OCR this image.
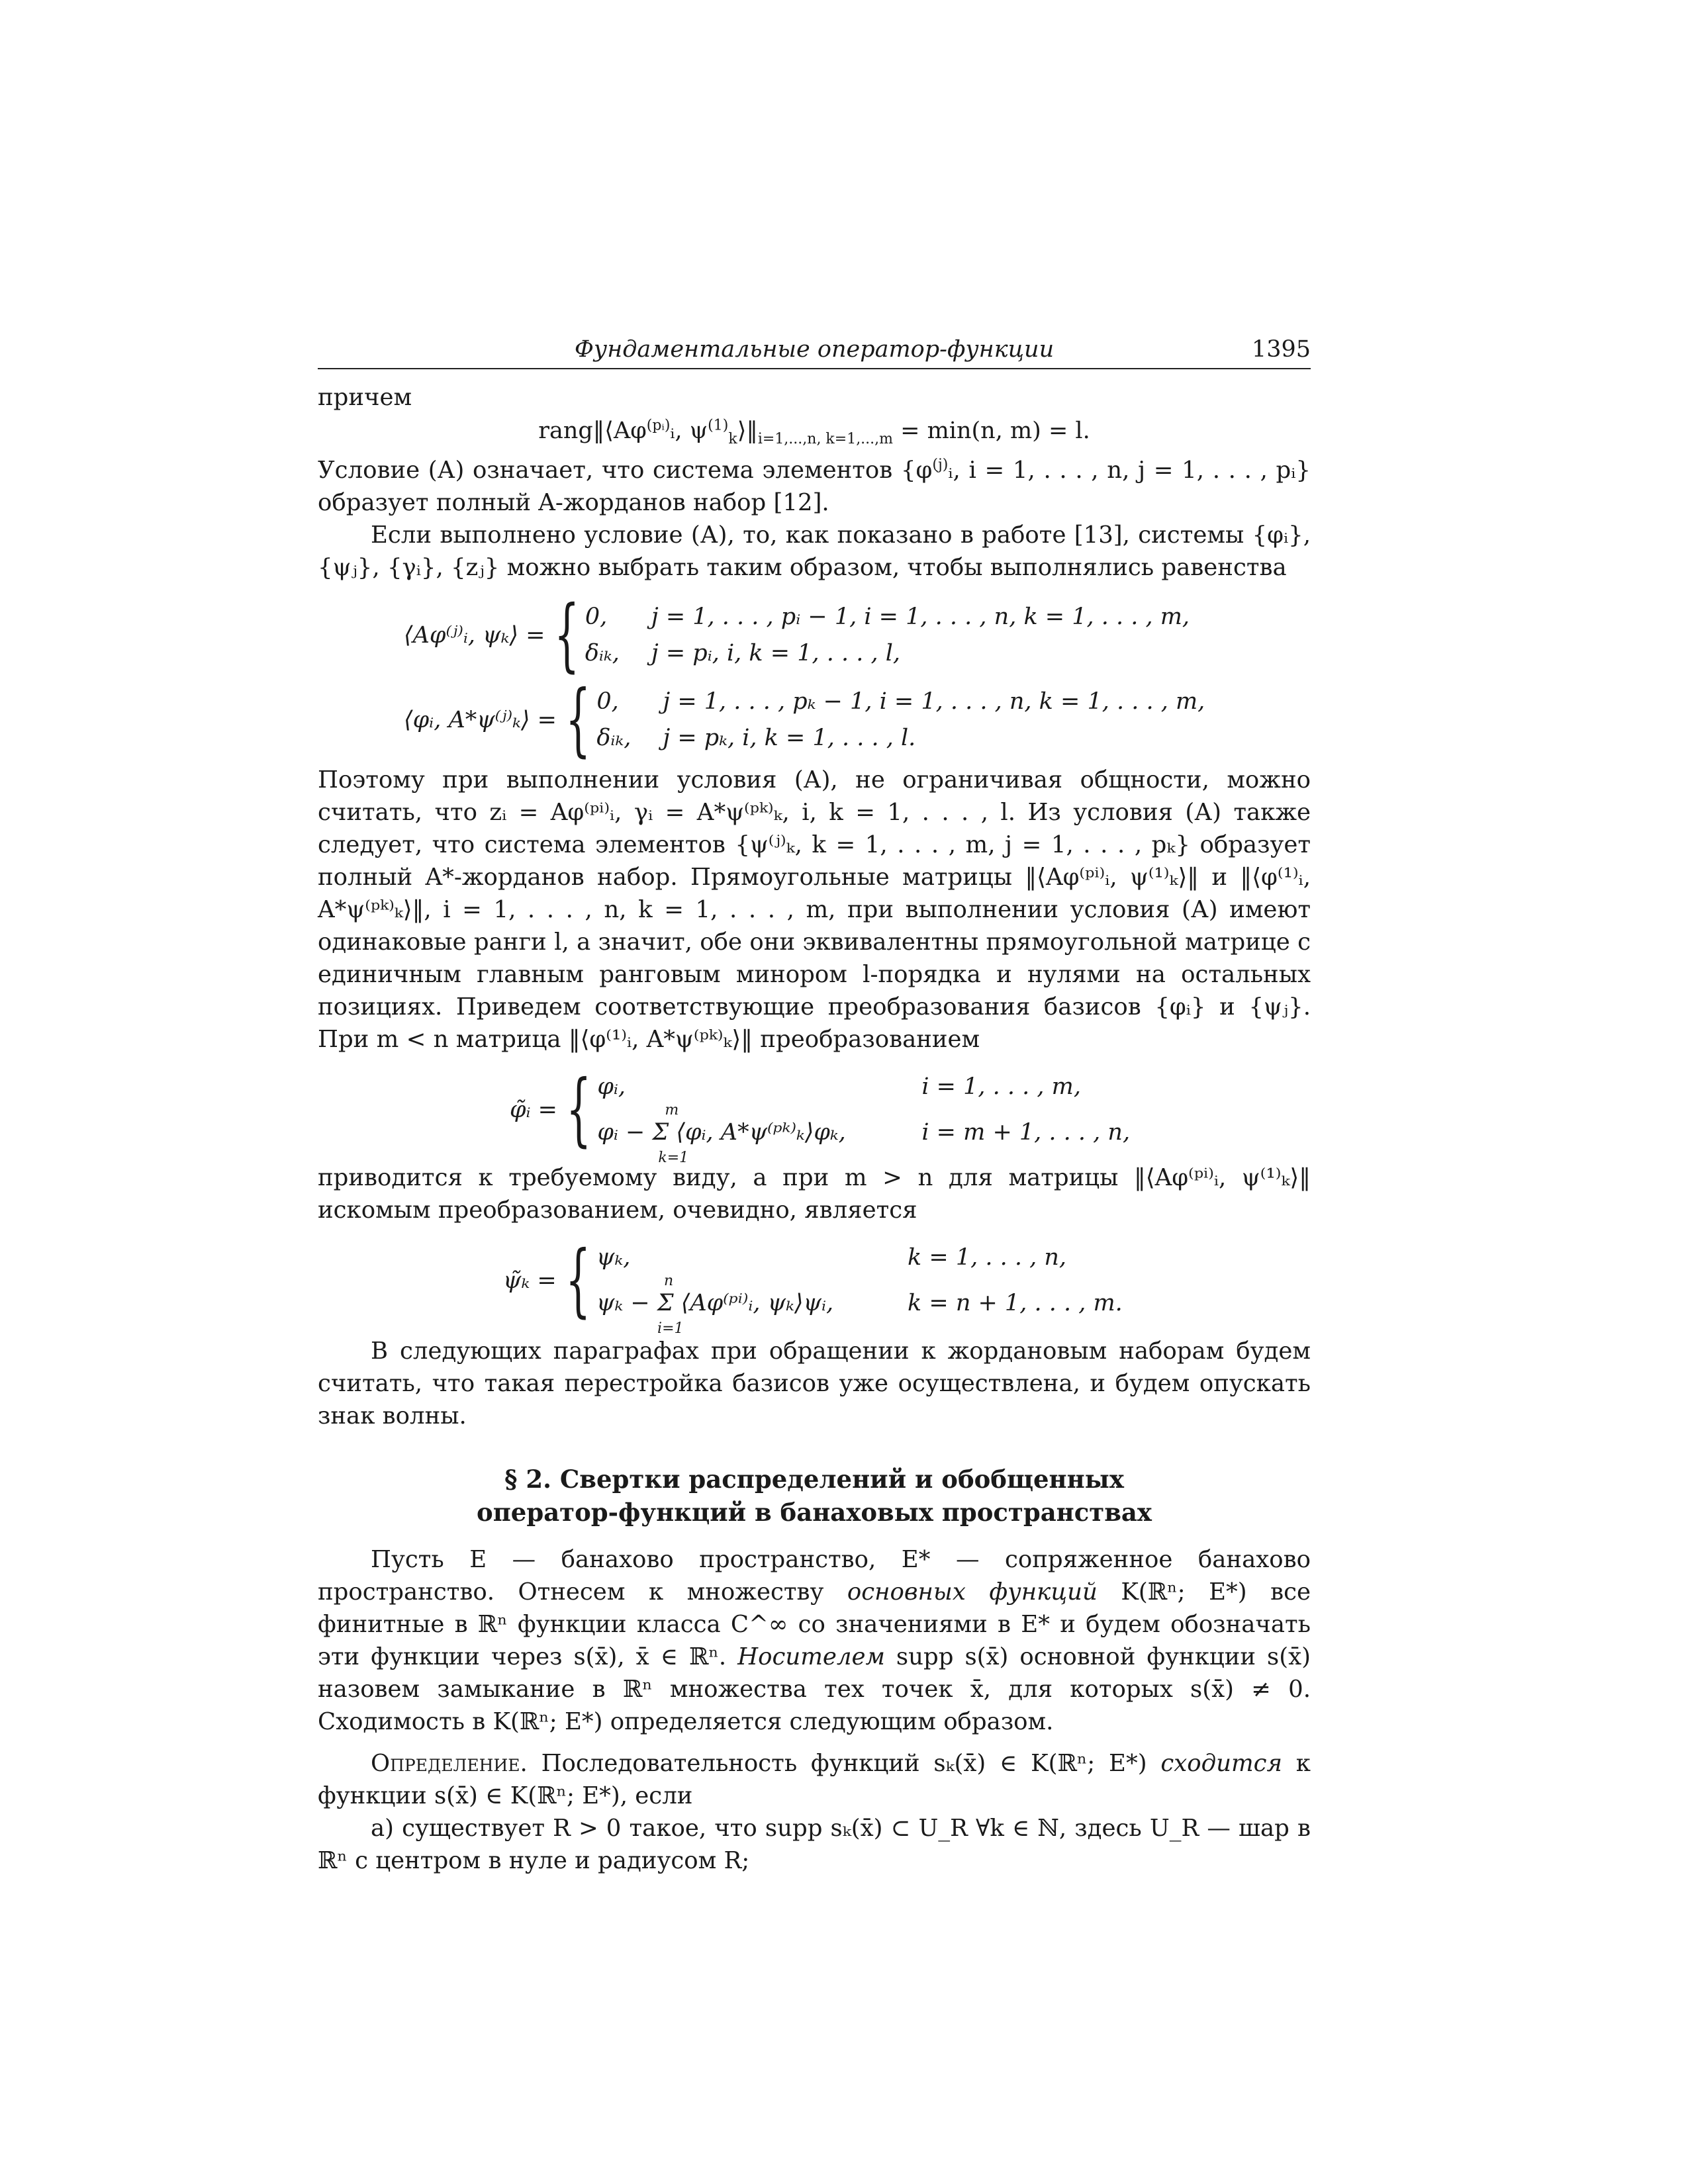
Фундаментальные оператор-функции	1395

причем

$rang‖⟨A\varphi^{(pᵢ)}ᵢ$, $\psi^{(1)}_k⟩‖_{i=1,...,n, k=1,...,m} = \min(n$, m) = l.

Условие (А) означает, что система элементов {$\varphi^{(j)}ᵢ$, i = 1, . . . , n, j = 1, . . . , pᵢ} образует полный A-жорданов набор [12].

Если выполнено условие (А), то, как показано в работе [13], системы {φᵢ}, {ψⱼ}, {γᵢ}, {zⱼ} можно выбрать таким образом, чтобы выполнялись равенства

⟨Aφ⁽ʲ⁾ᵢ, ψₖ⟩ = { 0,	j = 1, . . . , pᵢ − 1, i = 1, . . . , n, k = 1, . . . , m,
δᵢₖ,	j = pᵢ, i, k = 1, . . . , l,
⟨φᵢ, A*ψ⁽ʲ⁾ₖ⟩ = { 0,	j = 1, . . . , pₖ − 1, i = 1, . . . , n, k = 1, . . . , m,
δᵢₖ,	j = pₖ, i, k = 1, . . . , l.

Поэтому при выполнении условия (А), не ограничивая общности, можно считать, что zᵢ = Aφ⁽ᵖⁱ⁾ᵢ, γᵢ = A*ψ⁽ᵖᵏ⁾ₖ, i, k = 1, . . . , l. Из условия (А) также следует, что система элементов {ψ⁽ʲ⁾ₖ, k = 1, . . . , m, j = 1, . . . , pₖ} образует полный A*-жорданов набор. Прямоугольные матрицы ‖⟨Aφ⁽ᵖⁱ⁾ᵢ, ψ⁽¹⁾ₖ⟩‖ и ‖⟨φ⁽¹⁾ᵢ, A*ψ⁽ᵖᵏ⁾ₖ⟩‖, i = 1, . . . , n, k = 1, . . . , m, при выполнении условия (А) имеют одинаковые ранги l, а значит, обе они эквивалентны прямоугольной матрице с единичным главным ранговым минором l-порядка и нулями на остальных позициях. Приведем соответствующие преобразования базисов {φᵢ} и {ψⱼ}. При m < n матрица ‖⟨φ⁽¹⁾ᵢ, A*ψ⁽ᵖᵏ⁾ₖ⟩‖ преобразованием

φ̃ᵢ = { φᵢ,	i = 1, . . . , m,
φᵢ − Σ ⟨φᵢ, A*ψ⁽ᵖᵏ⁾ₖ⟩φₖ,
m
k=1
i = m + 1, . . . , n,

приводится к требуемому виду, а при m > n для матрицы ‖⟨Aφ⁽ᵖⁱ⁾ᵢ, ψ⁽¹⁾ₖ⟩‖ искомым преобразованием, очевидно, является

ψ̃ₖ = { ψₖ,	k = 1, . . . , n,
ψₖ − Σ ⟨Aφ⁽ᵖⁱ⁾ᵢ, ψₖ⟩ψᵢ,
n
i=1
k = n + 1, . . . , m.

В следующих параграфах при обращении к жордановым наборам будем считать, что такая перестройка базисов уже осуществлена, и будем опускать знак волны.

§ 2. Свертки распределений и обобщенных
оператор-функций в банаховых пространствах

Пусть E — банахово пространство, E* — сопряженное банахово пространство. Отнесем к множеству основных функций K(ℝⁿ; E*) все финитные в ℝⁿ функции класса C^∞ со значениями в E* и будем обозначать эти функции через s(x̄), x̄ ∈ ℝⁿ. Носителем supp s(x̄) основной функции s(x̄) назовем замыкание в ℝⁿ множества тех точек x̄, для которых s(x̄) ≠ 0. Сходимость в K(ℝⁿ; E*) определяется следующим образом.

Определение. Последовательность функций sₖ(x̄) ∈ K(ℝⁿ; E*) сходится к функции s(x̄) ∈ K(ℝⁿ; E*), если

а) существует R > 0 такое, что supp sₖ(x̄) ⊂ U_R ∀k ∈ ℕ, здесь U_R — шар в ℝⁿ с центром в нуле и радиусом R;
